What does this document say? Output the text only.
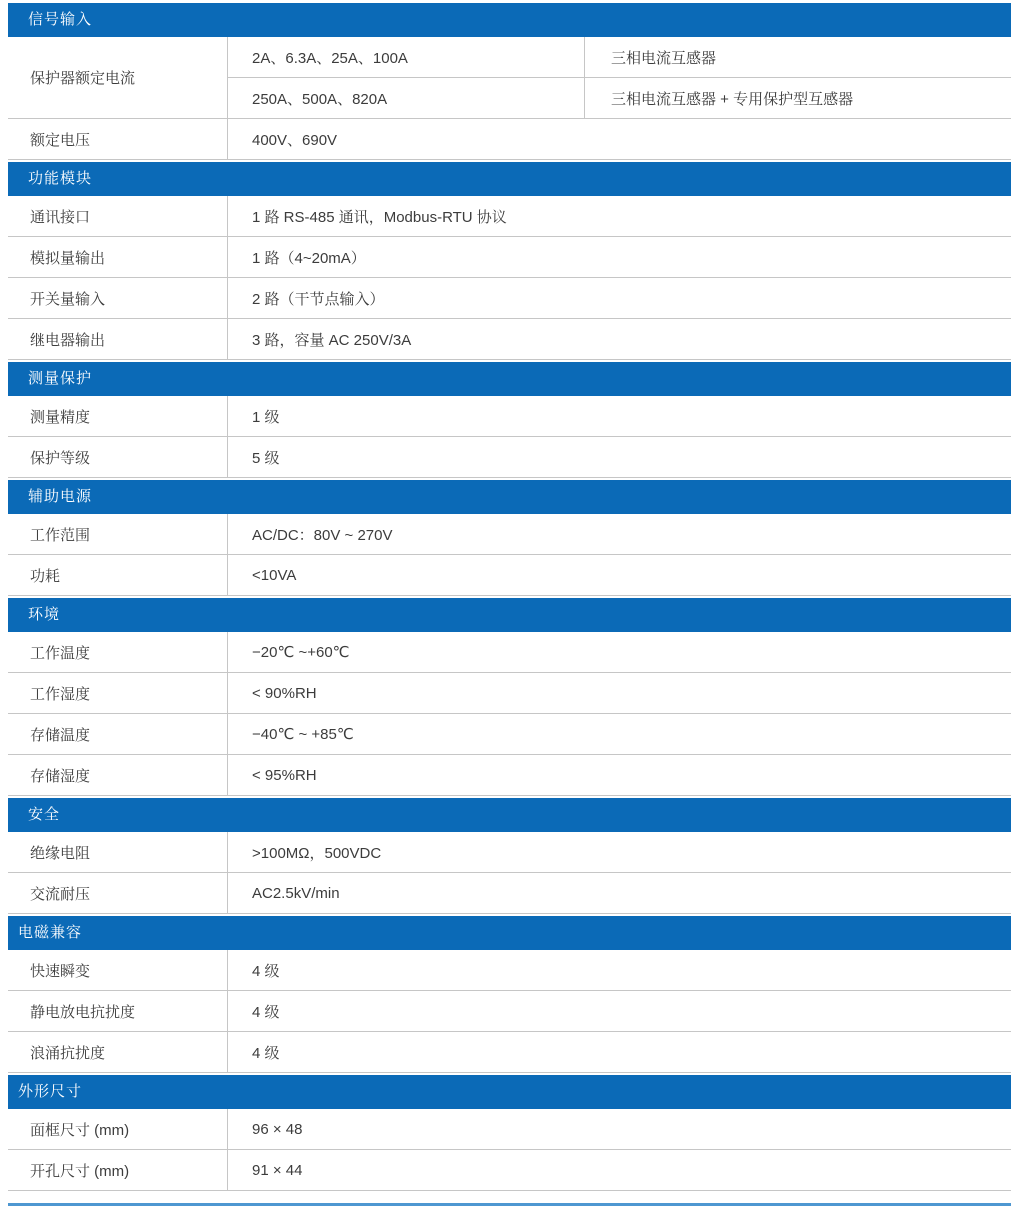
信号输入
保护器额定电流
2A、6.3A、25A、100A	三相电流互感器
250A、500A、820A	三相电流互感器 + 专用保护型互感器
额定电压	400V、690V
功能模块
通讯接口	1 路 RS-485 通讯，Modbus-RTU 协议
模拟量输出	1 路（4~20mA）
开关量输入	2 路（干节点输入）
继电器输出	3 路，容量 AC 250V/3A
测量保护
测量精度	1 级
保护等级	5 级
辅助电源
工作范围	AC/DC：80V ~ 270V
功耗	<10VA
环境
工作温度	−20℃ ~+60℃
工作湿度	< 90%RH
存储温度	−40℃ ~ +85℃
存储湿度	< 95%RH
安全
绝缘电阻	>100MΩ，500VDC
交流耐压	AC2.5kV/min
电磁兼容
快速瞬变	4 级
静电放电抗扰度	4 级
浪涌抗扰度	4 级
外形尺寸
面框尺寸 (mm)	96 × 48
开孔尺寸 (mm)	91 × 44
